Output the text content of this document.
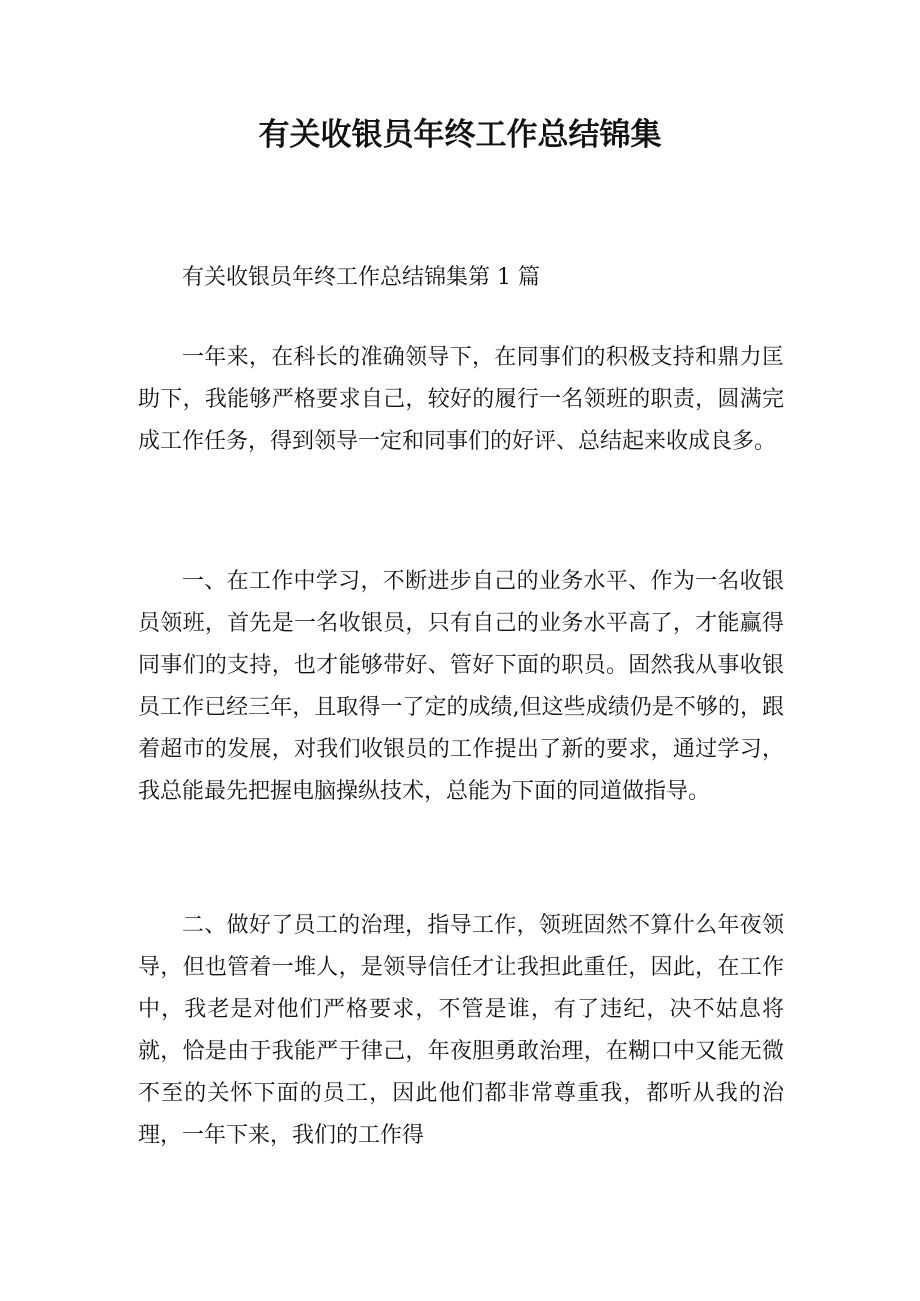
有关收银员年终工作总结锦集

有关收银员年终工作总结锦集第 1 篇

一年来，在科长的准确领导下，在同事们的积极支持和鼎力匡助下，我能够严格要求自己，较好的履行一名领班的职责，圆满完成工作任务，得到领导一定和同事们的好评、总结起来收成良多。

一、在工作中学习，不断进步自己的业务水平、作为一名收银员领班，首先是一名收银员，只有自己的业务水平高了，才能赢得同事们的支持，也才能够带好、管好下面的职员。固然我从事收银员工作已经三年，且取得一了定的成绩,但这些成绩仍是不够的，跟着超市的发展，对我们收银员的工作提出了新的要求，通过学习，我总能最先把握电脑操纵技术，总能为下面的同道做指导。

二、做好了员工的治理，指导工作，领班固然不算什么年夜领导，但也管着一堆人，是领导信任才让我担此重任，因此，在工作中，我老是对他们严格要求，不管是谁，有了违纪，决不姑息将就，恰是由于我能严于律己，年夜胆勇敢治理，在糊口中又能无微不至的关怀下面的员工，因此他们都非常尊重我，都听从我的治理，一年下来，我们的工作得
